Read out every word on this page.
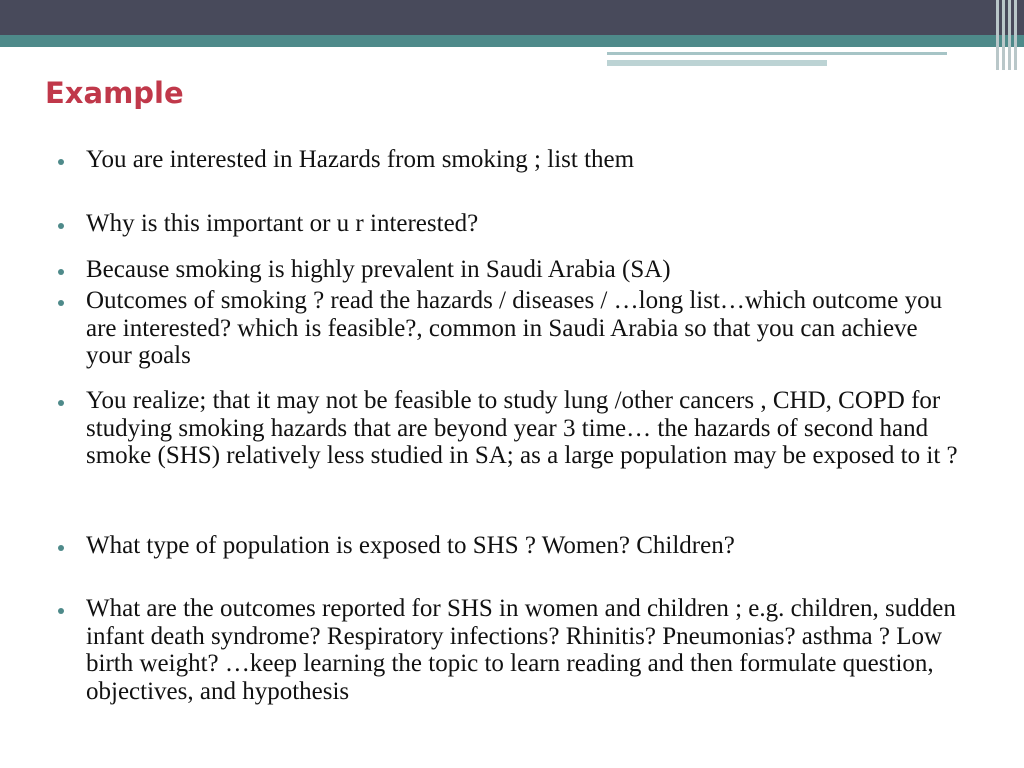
Example
You are interested in Hazards from smoking ; list them
Why is this important or u r interested?
Because smoking is highly prevalent in Saudi Arabia (SA)
Outcomes of smoking ? read the hazards / diseases / …long list…which outcome you are interested? which is feasible?, common in Saudi Arabia so that you can achieve your goals
You realize; that it may not be feasible to study lung /other cancers , CHD, COPD for studying smoking hazards that are beyond year 3 time… the hazards of second hand smoke (SHS) relatively less studied in SA; as a large population may be exposed to it ?
What type of population is exposed to SHS ? Women? Children?
What are the outcomes reported for SHS in women and children ; e.g. children, sudden infant death syndrome? Respiratory infections? Rhinitis? Pneumonias? asthma ? Low birth weight? …keep learning the topic to learn reading and then formulate question, objectives, and hypothesis
